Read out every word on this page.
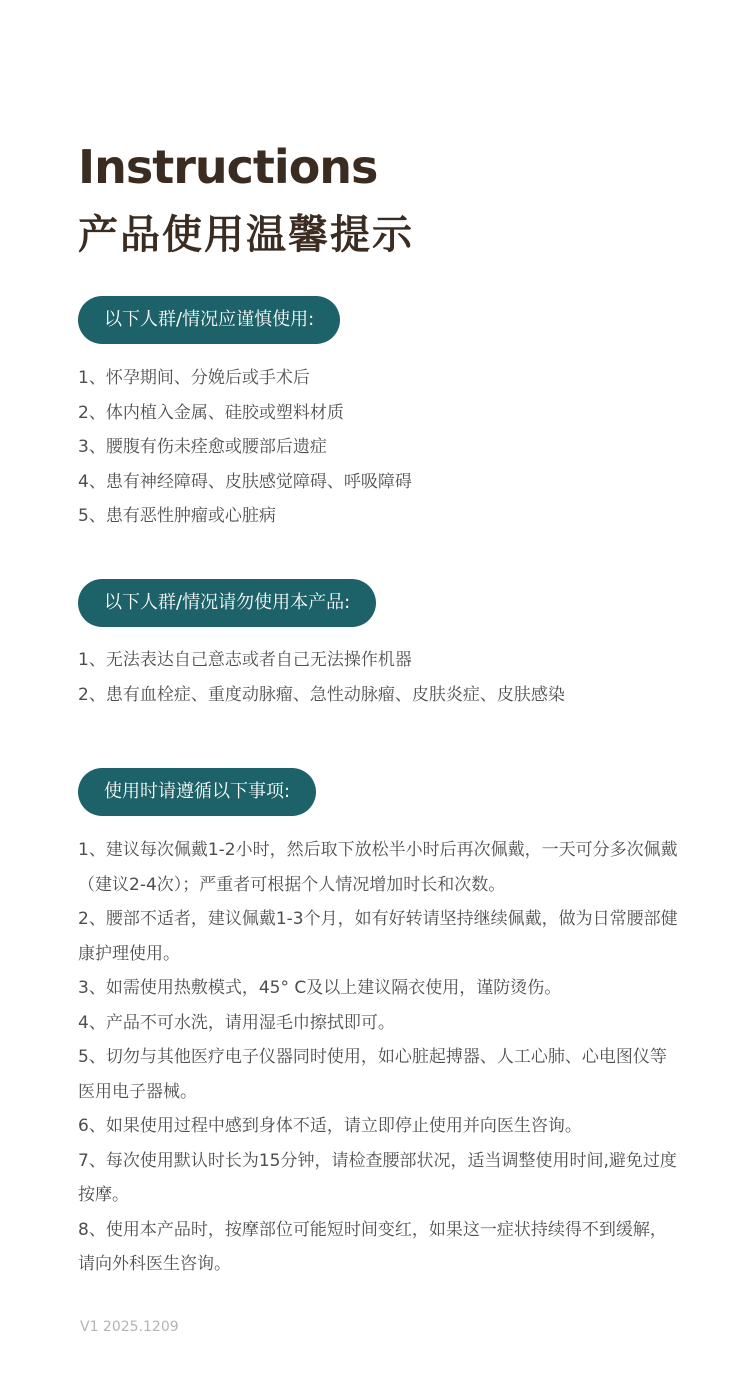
Instructions
产品使用温馨提示
以下人群/情况应谨慎使用:
1、怀孕期间、分娩后或手术后
2、体内植入金属、硅胶或塑料材质
3、腰腹有伤未痊愈或腰部后遗症
4、患有神经障碍、皮肤感觉障碍、呼吸障碍
5、患有恶性肿瘤或心脏病
以下人群/情况请勿使用本产品:
1、无法表达自己意志或者自己无法操作机器
2、患有血栓症、重度动脉瘤、急性动脉瘤、皮肤炎症、皮肤感染
使用时请遵循以下事项:
1、建议每次佩戴1-2小时，然后取下放松半小时后再次佩戴，一天可分多次佩戴（建议2-4次）；严重者可根据个人情况增加时长和次数。
2、腰部不适者，建议佩戴1-3个月，如有好转请坚持继续佩戴，做为日常腰部健康护理使用。
3、如需使用热敷模式，45° C及以上建议隔衣使用，谨防烫伤。
4、产品不可水洗，请用湿毛巾擦拭即可。
5、切勿与其他医疗电子仪器同时使用，如心脏起搏器、人工心肺、心电图仪等医用电子器械。
6、如果使用过程中感到身体不适，请立即停止使用并向医生咨询。
7、每次使用默认时长为15分钟，请检查腰部状况，适当调整使用时间,避免过度按摩。
8、使用本产品时，按摩部位可能短时间变红，如果这一症状持续得不到缓解，请向外科医生咨询。
V1 2025.1209
